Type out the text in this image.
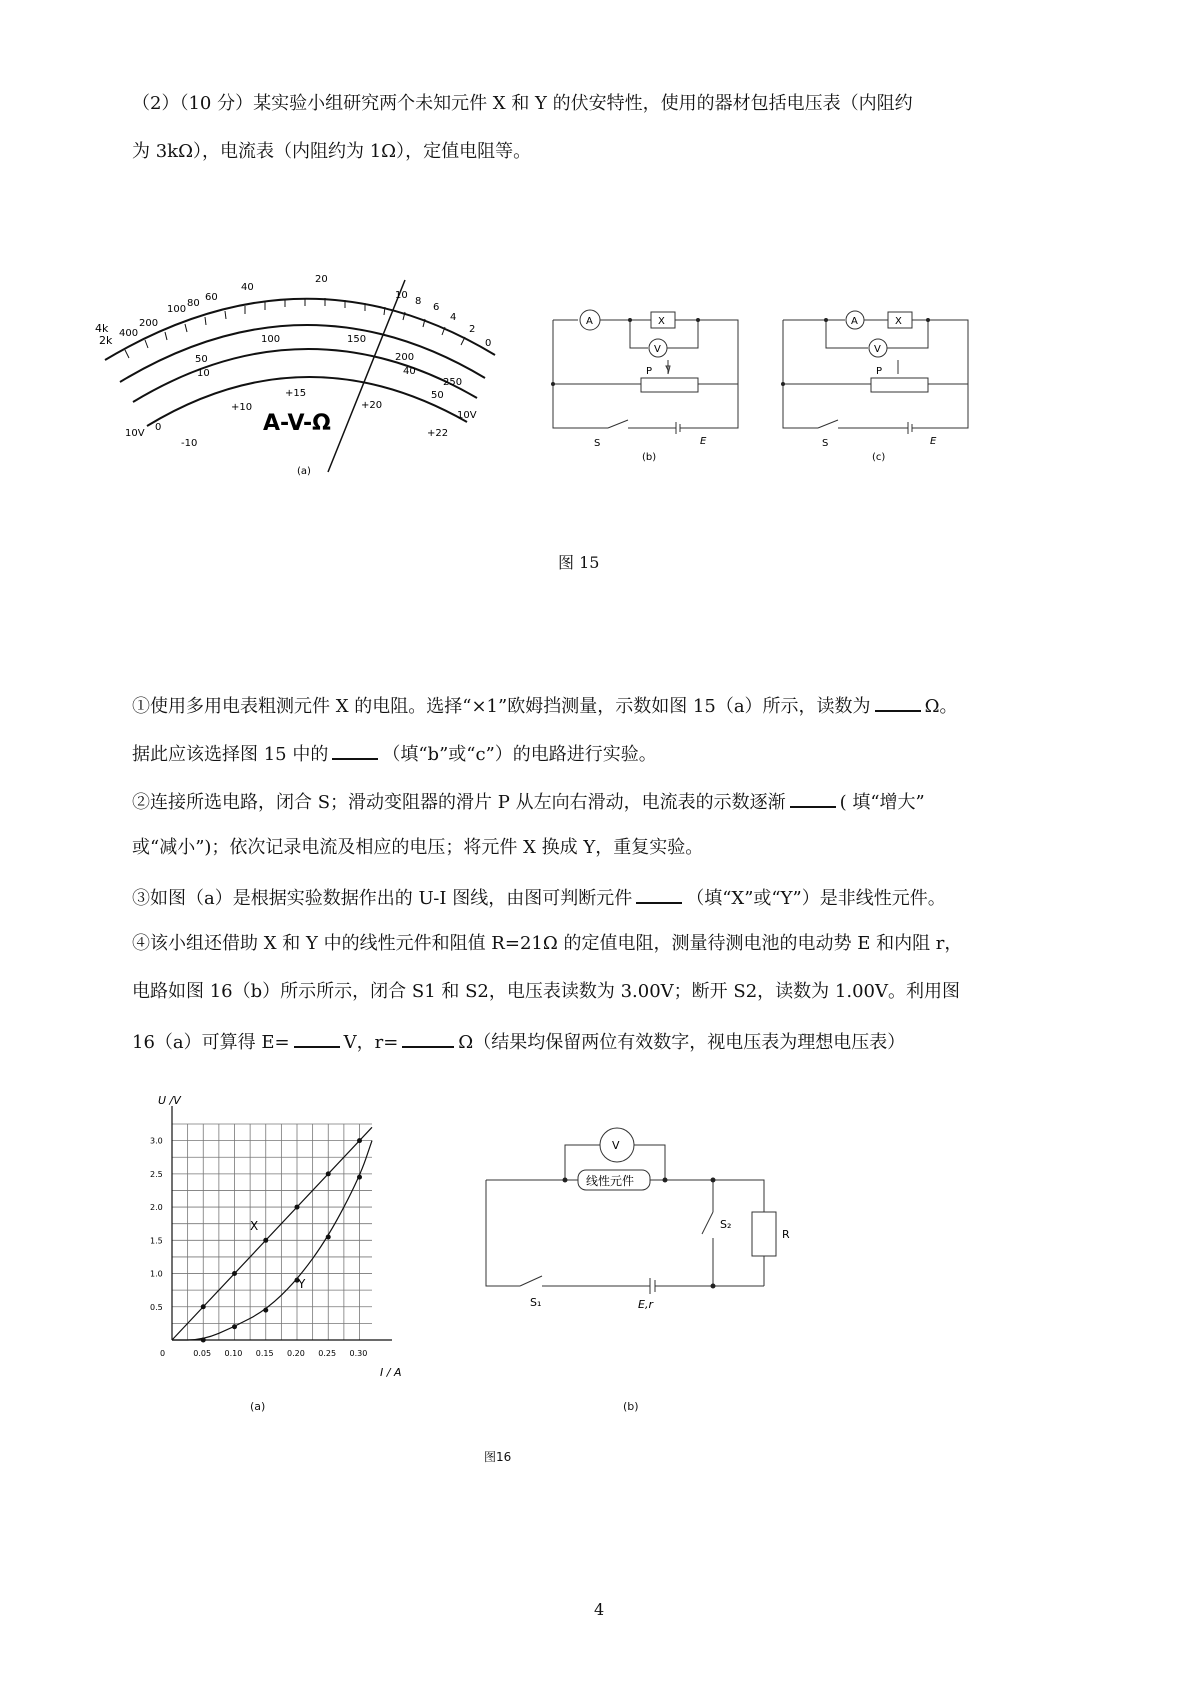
（2）（10 分）某实验小组研究两个未知元件 X 和 Y 的伏安特性，使用的器材包括电压表（内阻约
为 3kΩ），电流表（内阻约为 1Ω），定值电阻等。
4k
2k
400
200
100
80
60
40
20
10
8
6
4
2
0
50
100	150
200
250
10	40
50
-10
0
+10
+15
+20
+22
10V
10V
A-V-Ω
(a)
A	X
V
P
S	E
(b)
A	X
V
P
S	E
(c)
图 15
①使用多用电表粗测元件 X 的电阻。选择“×1”欧姆挡测量，示数如图 15（a）所示，读数为	Ω。
据此应该选择图 15 中的	（填“b”或“c”）的电路进行实验。
②连接所选电路，闭合 S；滑动变阻器的滑片 P 从左向右滑动，电流表的示数逐渐	( 填“增大”
或“减小”)；依次记录电流及相应的电压；将元件 X 换成 Y，重复实验。
③如图（a）是根据实验数据作出的 U-I 图线，由图可判断元件	（填“X”或“Y”）是非线性元件。
④该小组还借助 X 和 Y 中的线性元件和阻值 R=21Ω 的定值电阻，测量待测电池的电动势 E 和内阻 r，
电路如图 16（b）所示所示，闭合 S1 和 S2，电压表读数为 3.00V；断开 S2，读数为 1.00V。利用图
16（a）可算得 E=	V，r=	Ω（结果均保留两位有效数字，视电压表为理想电压表）
0	0.05 0.10 0.15 0.20 0.25 0.30
0.5
1.0
1.5
2.0
2.5
3.0
U /V
I / A
X
Y
(a)
V
线性元件
S₂
R
S₁	E,r
(b)
图16
4
